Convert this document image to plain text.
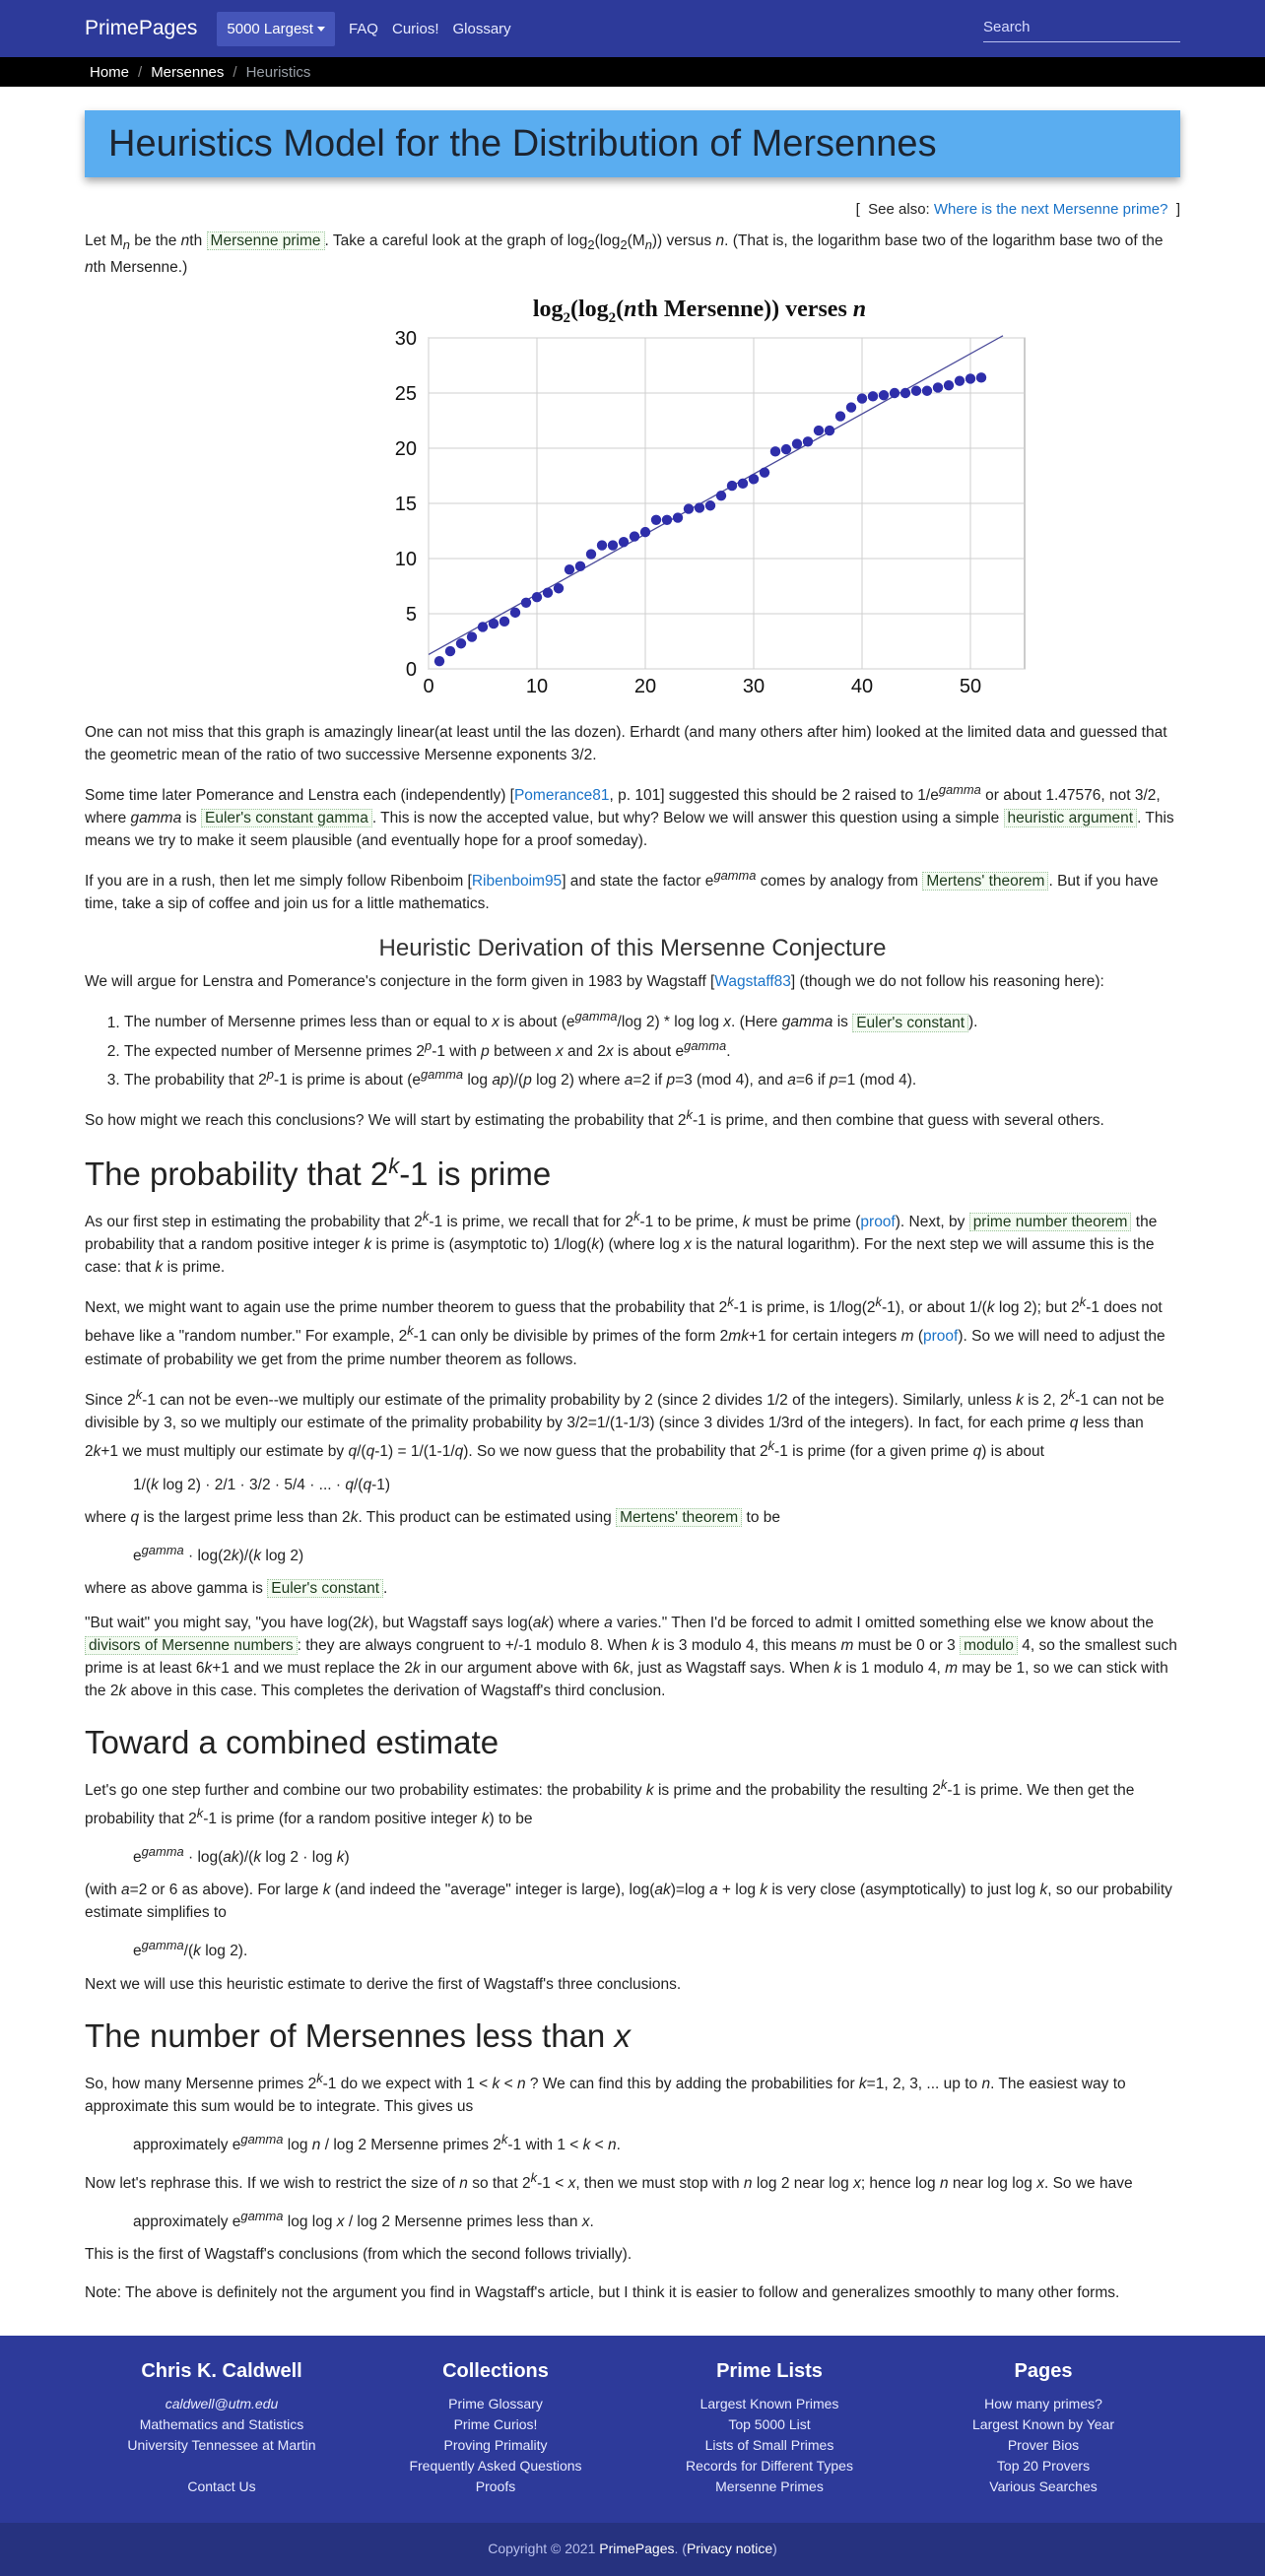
PrimePages	5000 Largest	FAQ Curios! Glossary	Search
Home / Mersennes / Heuristics
Heuristics Model for the Distribution of Mersennes
[  See also: Where is the next Mersenne prime?  ]

Let $M_n$ be the nth Mersenne prime . Take a careful look at the graph of $\log_2(\log_2(M_n))$ versus n. (That is, the logarithm base two of the logarithm base two of the nth Mersenne.)

$\log_2(\log_2(nth$ Mersenne)) verses n
0	10	20	30	40	50
0
5
10
15
20
25
30

One can not miss that this graph is amazingly linear(at least until the las dozen). Erhardt (and many others after him) looked at the limited data and guessed that the geometric mean of the ratio of two successive Mersenne exponents 3/2.

Some time later Pomerance and Lenstra each (independently) [Pomerance81, p. 101] suggested this should be 2 raised to $1/e^{gamma}$ or about 1.47576, not 3/2, where gamma is Euler's constant gamma . This is now the accepted value, but why? Below we will answer this question using a simple heuristic argument . This means we try to make it seem plausible (and eventually hope for a proof someday).

If you are in a rush, then let me simply follow Ribenboim [Ribenboim95] and state the factor $e^{gamma}$ comes by analogy from Mertens' theorem . But if you have time, take a sip of coffee and join us for a little mathematics.

Heuristic Derivation of this Mersenne Conjecture

We will argue for Lenstra and Pomerance's conjecture in the form given in 1983 by Wagstaff [Wagstaff83] (though we do not follow his reasoning here):

1. The number of Mersenne primes less than or equal to x is about ($e^{gamma}/\log$ 2) * log log x. (Here gamma is Euler's constant ).
2. The expected number of Mersenne primes 2$^p$-1 with p between x and 2x is about $e^{gamma}$.
3. The probability that 2$^p$-1 is prime is about ($e^{gamma}$ log ap)/(p log 2) where a=2 if p=3 (mod 4), and a=6 if p=1 (mod 4).

So how might we reach this conclusions? We will start by estimating the probability that 2$^k$-1 is prime, and then combine that guess with several others.

The probability that 2$^k$-1 is prime

As our first step in estimating the probability that 2$^k$-1 is prime, we recall that for 2$^k$-1 to be prime, k must be prime (proof). Next, by prime number theorem the probability that a random positive integer k is prime is (asymptotic to) 1/log(k) (where log x is the natural logarithm). For the next step we will assume this is the case: that k is prime.

Next, we might want to again use the prime number theorem to guess that the probability that 2$^k$-1 is prime, is 1/log(2$^k$-1), or about 1/(k log 2); but 2$^k$-1 does not behave like a "random number." For example, 2$^k$-1 can only be divisible by primes of the form 2mk+1 for certain integers m (proof). So we will need to adjust the estimate of probability we get from the prime number theorem as follows.

Since 2$^k$-1 can not be even--we multiply our estimate of the primality probability by 2 (since 2 divides 1/2 of the integers). Similarly, unless k is 2, 2$^k$-1 can not be divisible by 3, so we multiply our estimate of the primality probability by 3/2=1/(1-1/3) (since 3 divides 1/3rd of the integers). In fact, for each prime q less than 2k+1 we must multiply our estimate by q/(q-1) = 1/(1-1/q). So we now guess that the probability that 2$^k$-1 is prime (for a given prime q) is about

1/(k log 2) · 2/1 · 3/2 · 5/4 · ... · q/(q-1)

where q is the largest prime less than 2k. This product can be estimated using Mertens' theorem to be

$e^{gamma} \cdot \log(2k)/(k$ log 2)

where as above gamma is Euler's constant .

"But wait" you might say, "you have log(2k), but Wagstaff says log(ak) where a varies." Then I'd be forced to admit I omitted something else we know about the divisors of Mersenne numbers : they are always congruent to +/-1 modulo 8. When k is 3 modulo 4, this means m must be 0 or 3 modulo 4, so the smallest such prime is at least 6k+1 and we must replace the 2k in our argument above with 6k, just as Wagstaff says. When k is 1 modulo 4, m may be 1, so we can stick with the 2k above in this case. This completes the derivation of Wagstaff's third conclusion.

Toward a combined estimate

Let's go one step further and combine our two probability estimates: the probability k is prime and the probability the resulting 2$^k$-1 is prime. We then get the probability that 2$^k$-1 is prime (for a random positive integer k) to be

$e^{gamma} \cdot \log(ak)/(k$ log 2 · log k)

(with a=2 or 6 as above). For large k (and indeed the "average" integer is large), log(ak)=log a + log k is very close (asymptotically) to just log k, so our probability estimate simplifies to

$e^{gamma}/(k$ log 2).

Next we will use this heuristic estimate to derive the first of Wagstaff's three conclusions.

The number of Mersennes less than x

So, how many Mersenne primes 2$^k$-1 do we expect with 1 < k < n ? We can find this by adding the probabilities for k=1, 2, 3, ... up to n. The easiest way to approximate this sum would be to integrate. This gives us

approximately $e^{gamma}$ log n / log 2 Mersenne primes 2$^k$-1 with 1 < k < n.

Now let's rephrase this. If we wish to restrict the size of n so that $2^k-1 < x$, then we must stop with n log 2 near log x; hence log n near log log x. So we have

approximately $e^{gamma}$ log log x / log 2 Mersenne primes less than x.

This is the first of Wagstaff's conclusions (from which the second follows trivially).

Note: The above is definitely not the argument you find in Wagstaff's article, but I think it is easier to follow and generalizes smoothly to many other forms.

Chris K. Caldwell
caldwell@utm.edu
Mathematics and Statistics
University Tennessee at Martin
Contact Us
Collections
Prime Glossary
Prime Curios!
Proving Primality
Frequently Asked Questions
Proofs
Prime Lists
Largest Known Primes
Top 5000 List
Lists of Small Primes
Records for Different Types
Mersenne Primes
Pages
How many primes?
Largest Known by Year
Prover Bios
Top 20 Provers
Various Searches
Copyright © 2021 PrimePages. (Privacy notice)
